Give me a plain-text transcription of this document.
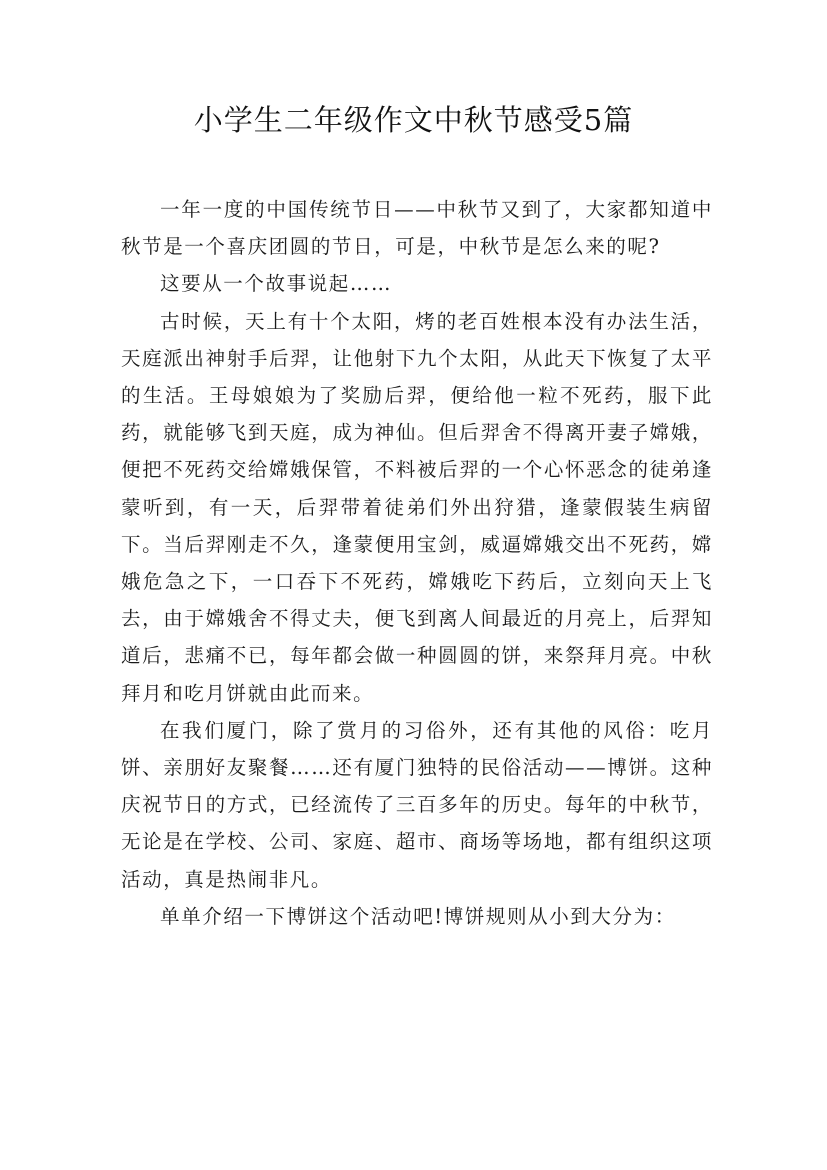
小学生二年级作文中秋节感受5篇

一年一度的中国传统节日——中秋节又到了，大家都知道中秋节是一个喜庆团圆的节日，可是，中秋节是怎么来的呢?

这要从一个故事说起……

古时候，天上有十个太阳，烤的老百姓根本没有办法生活，天庭派出神射手后羿，让他射下九个太阳，从此天下恢复了太平的生活。王母娘娘为了奖励后羿，便给他一粒不死药，服下此药，就能够飞到天庭，成为神仙。但后羿舍不得离开妻子嫦娥，便把不死药交给嫦娥保管，不料被后羿的一个心怀恶念的徒弟逢蒙听到，有一天，后羿带着徒弟们外出狩猎，逢蒙假装生病留下。当后羿刚走不久，逢蒙便用宝剑，威逼嫦娥交出不死药，嫦娥危急之下，一口吞下不死药，嫦娥吃下药后，立刻向天上飞去，由于嫦娥舍不得丈夫，便飞到离人间最近的月亮上，后羿知道后，悲痛不已，每年都会做一种圆圆的饼，来祭拜月亮。中秋拜月和吃月饼就由此而来。

在我们厦门，除了赏月的习俗外，还有其他的风俗：吃月饼、亲朋好友聚餐……还有厦门独特的民俗活动——博饼。这种庆祝节日的方式，已经流传了三百多年的历史。每年的中秋节，无论是在学校、公司、家庭、超市、商场等场地，都有组织这项活动，真是热闹非凡。

单单介绍一下博饼这个活动吧!博饼规则从小到大分为：
